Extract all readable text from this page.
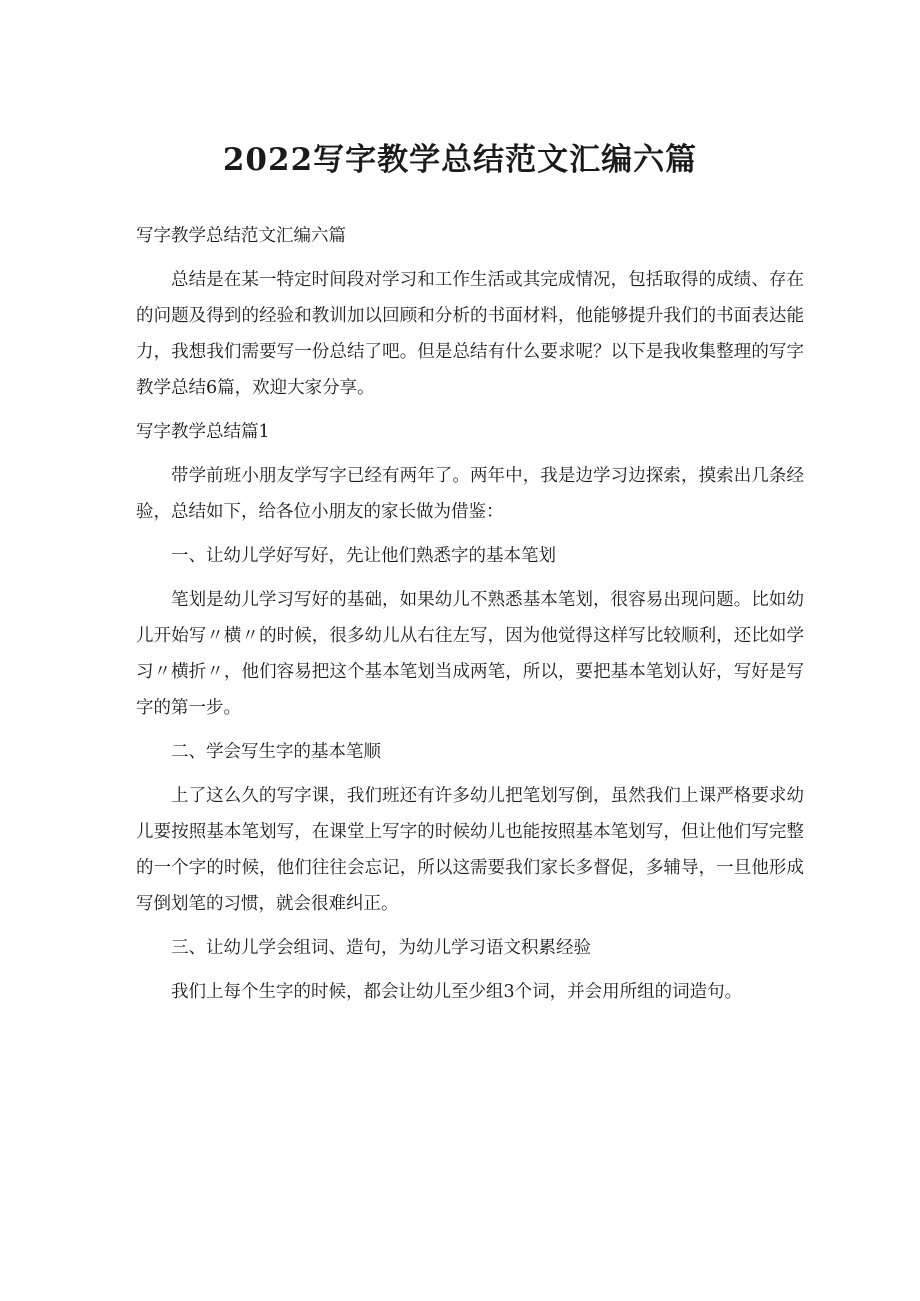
2022写字教学总结范文汇编六篇

写字教学总结范文汇编六篇

总结是在某一特定时间段对学习和工作生活或其完成情况，包括取得的成绩、存在的问题及得到的经验和教训加以回顾和分析的书面材料，他能够提升我们的书面表达能力，我想我们需要写一份总结了吧。但是总结有什么要求呢？以下是我收集整理的写字教学总结6篇，欢迎大家分享。

写字教学总结篇1

带学前班小朋友学写字已经有两年了。两年中，我是边学习边探索，摸索出几条经验，总结如下，给各位小朋友的家长做为借鉴：

一、让幼儿学好写好，先让他们熟悉字的基本笔划

笔划是幼儿学习写好的基础，如果幼儿不熟悉基本笔划，很容易出现问题。比如幼儿开始写〃横〃的时候，很多幼儿从右往左写，因为他觉得这样写比较顺利，还比如学习〃横折〃，他们容易把这个基本笔划当成两笔，所以，要把基本笔划认好，写好是写字的第一步。

二、学会写生字的基本笔顺

上了这么久的写字课，我们班还有许多幼儿把笔划写倒，虽然我们上课严格要求幼儿要按照基本笔划写，在课堂上写字的时候幼儿也能按照基本笔划写，但让他们写完整的一个字的时候，他们往往会忘记，所以这需要我们家长多督促，多辅导，一旦他形成写倒划笔的习惯，就会很难纠正。

三、让幼儿学会组词、造句，为幼儿学习语文积累经验

我们上每个生字的时候，都会让幼儿至少组3个词，并会用所组的词造句。
